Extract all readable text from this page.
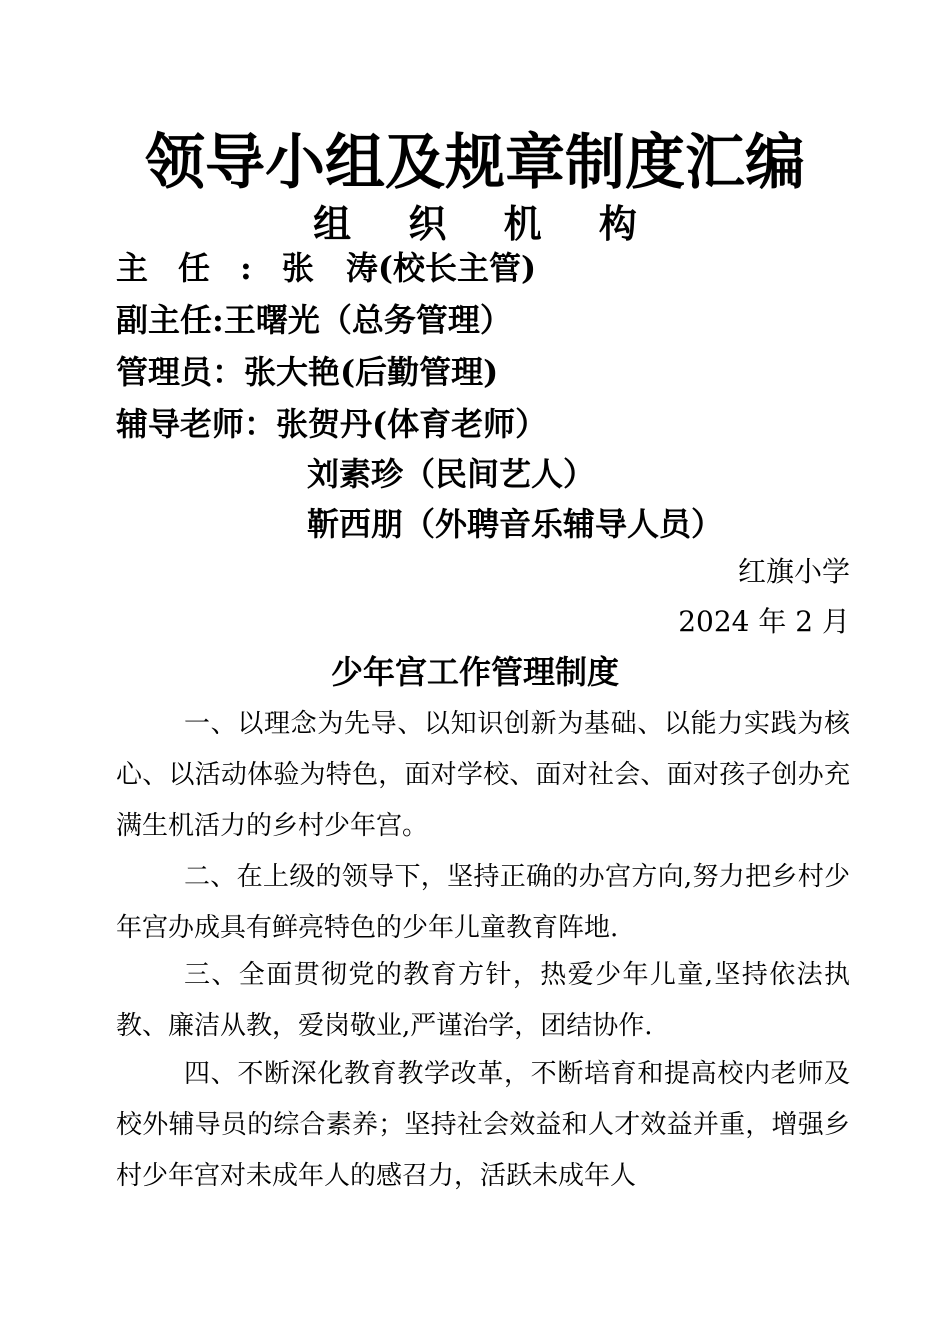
领导小组及规章制度汇编
组 织 机 构
主任:张　涛(校长主管)
副主任:王曙光（总务管理）
管理员：张大艳(后勤管理)
辅导老师：张贺丹(体育老师）
刘素珍（民间艺人）
靳西朋（外聘音乐辅导人员）
红旗小学
2024 年 2 月
少年宫工作管理制度

一、以理念为先导、以知识创新为基础、以能力实践为核心、以活动体验为特色，面对学校、面对社会、面对孩子创办充满生机活力的乡村少年宫。

二、在上级的领导下，坚持正确的办宫方向,努力把乡村少年宫办成具有鲜亮特色的少年儿童教育阵地.

三、全面贯彻党的教育方针，热爱少年儿童,坚持依法执教、廉洁从教，爱岗敬业,严谨治学，团结协作.

四、不断深化教育教学改革，不断培育和提高校内老师及校外辅导员的综合素养；坚持社会效益和人才效益并重，增强乡村少年宫对未成年人的感召力，活跃未成年人
